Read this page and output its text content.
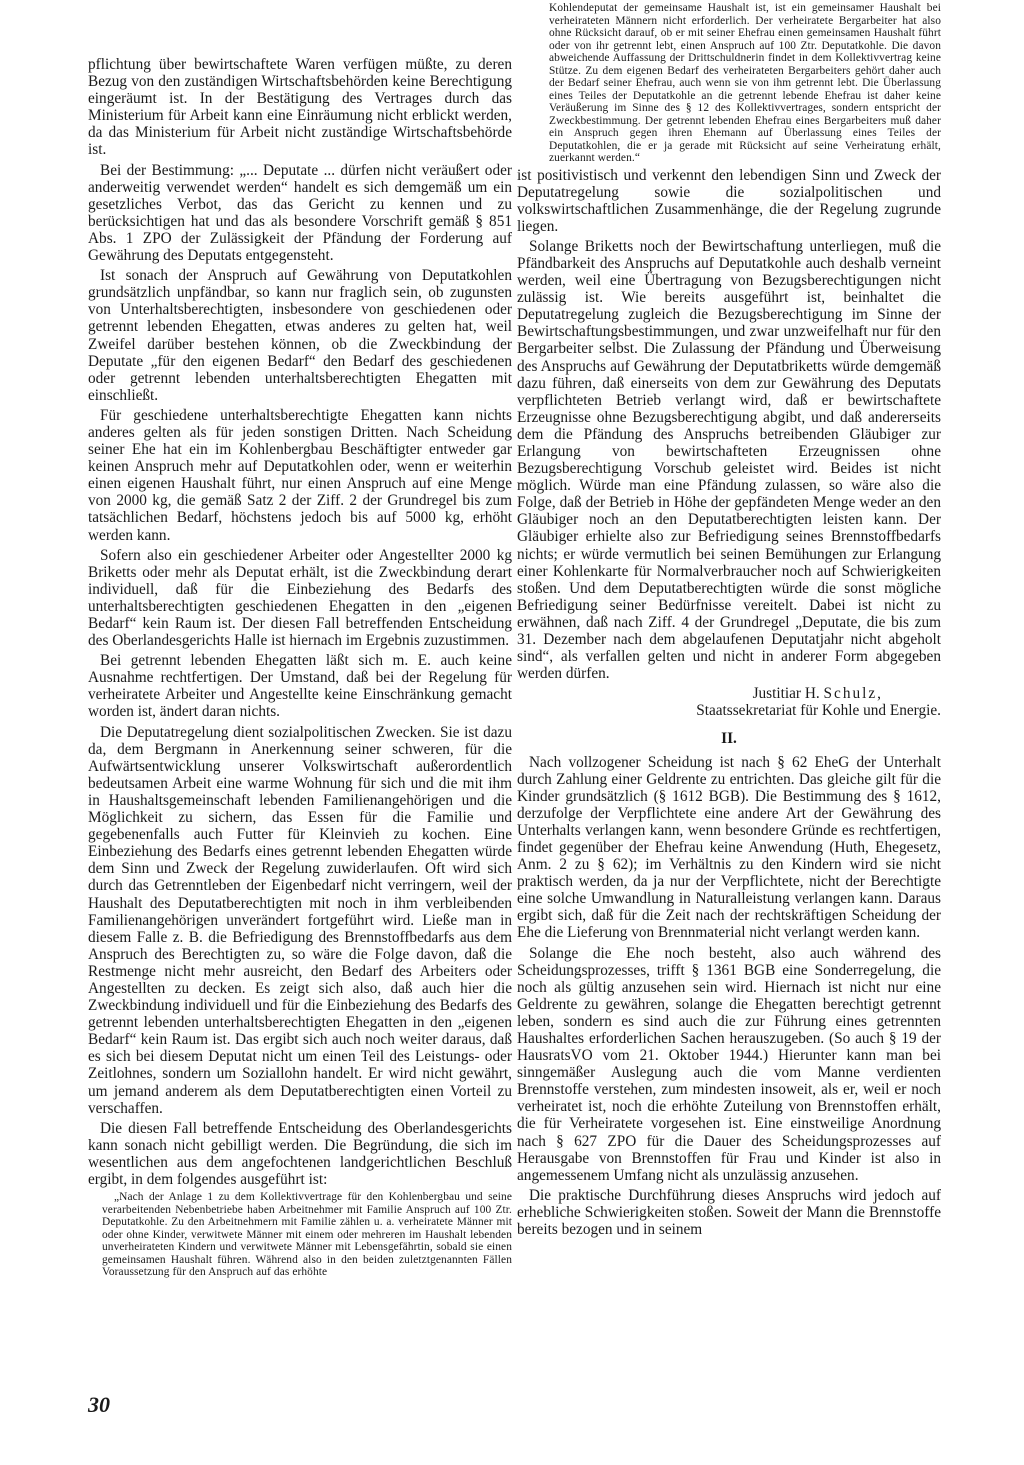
pflichtung über bewirtschaftete Waren verfügen müßte, zu deren Bezug von den zuständigen Wirtschaftsbehörden keine Berechtigung eingeräumt ist. In der Bestätigung des Vertrages durch das Ministerium für Arbeit kann eine Einräumung nicht erblickt werden, da das Ministerium für Arbeit nicht zuständige Wirtschaftsbehörde ist.

Bei der Bestimmung: „... Deputate ... dürfen nicht veräußert oder anderweitig verwendet werden“ handelt es sich demgemäß um ein gesetzliches Verbot, das das Gericht zu kennen und zu berücksichtigen hat und das als besondere Vorschrift gemäß § 851 Abs. 1 ZPO der Zulässigkeit der Pfändung der Forderung auf Gewährung des Deputats entgegensteht.

Ist sonach der Anspruch auf Gewährung von Deputatkohlen grundsätzlich unpfändbar, so kann nur fraglich sein, ob zugunsten von Unterhaltsberechtigten, insbesondere von geschiedenen oder getrennt lebenden Ehegatten, etwas anderes zu gelten hat, weil Zweifel darüber bestehen können, ob die Zweckbindung der Deputate „für den eigenen Bedarf“ den Bedarf des geschiedenen oder getrennt lebenden unterhaltsberechtigten Ehegatten mit einschließt.

Für geschiedene unterhaltsberechtigte Ehegatten kann nichts anderes gelten als für jeden sonstigen Dritten. Nach Scheidung seiner Ehe hat ein im Kohlenbergbau Beschäftigter entweder gar keinen Anspruch mehr auf Deputatkohlen oder, wenn er weiterhin einen eigenen Haushalt führt, nur einen Anspruch auf eine Menge von 2000 kg, die gemäß Satz 2 der Ziff. 2 der Grundregel bis zum tatsächlichen Bedarf, höchstens jedoch bis auf 5000 kg, erhöht werden kann.

Sofern also ein geschiedener Arbeiter oder Angestellter 2000 kg Briketts oder mehr als Deputat erhält, ist die Zweckbindung derart individuell, daß für die Einbeziehung des Bedarfs des unterhaltsberechtigten geschiedenen Ehegatten in den „eigenen Bedarf“ kein Raum ist. Der diesen Fall betreffenden Entscheidung des Oberlandesgerichts Halle ist hiernach im Ergebnis zuzustimmen.

Bei getrennt lebenden Ehegatten läßt sich m. E. auch keine Ausnahme rechtfertigen. Der Umstand, daß bei der Regelung für verheiratete Arbeiter und Angestellte keine Einschränkung gemacht worden ist, ändert daran nichts.

Die Deputatregelung dient sozialpolitischen Zwecken. Sie ist dazu da, dem Bergmann in Anerkennung seiner schweren, für die Aufwärtsentwicklung unserer Volkswirtschaft außerordentlich bedeutsamen Arbeit eine warme Wohnung für sich und die mit ihm in Haushaltsgemeinschaft lebenden Familienangehörigen und die Möglichkeit zu sichern, das Essen für die Familie und gegebenenfalls auch Futter für Kleinvieh zu kochen. Eine Einbeziehung des Bedarfs eines getrennt lebenden Ehegatten würde dem Sinn und Zweck der Regelung zuwiderlaufen. Oft wird sich durch das Getrenntleben der Eigenbedarf nicht verringern, weil der Haushalt des Deputatberechtigten mit noch in ihm verbleibenden Familienangehörigen unverändert fortgeführt wird. Ließe man in diesem Falle z. B. die Befriedigung des Brennstoffbedarfs aus dem Anspruch des Berechtigten zu, so wäre die Folge davon, daß die Restmenge nicht mehr ausreicht, den Bedarf des Arbeiters oder Angestellten zu decken. Es zeigt sich also, daß auch hier die Zweckbindung individuell und für die Einbeziehung des Bedarfs des getrennt lebenden unterhaltsberechtigten Ehegatten in den „eigenen Bedarf“ kein Raum ist. Das ergibt sich auch noch weiter daraus, daß es sich bei diesem Deputat nicht um einen Teil des Leistungs- oder Zeitlohnes, sondern um Soziallohn handelt. Er wird nicht gewährt, um jemand anderem als dem Deputatberechtigten einen Vorteil zu verschaffen.

Die diesen Fall betreffende Entscheidung des Oberlandesgerichts kann sonach nicht gebilligt werden. Die Begründung, die sich im wesentlichen aus dem angefochtenen landgerichtlichen Beschluß ergibt, in dem folgendes ausgeführt ist:

„Nach der Anlage 1 zu dem Kollektivvertrage für den Kohlenbergbau und seine verarbeitenden Nebenbetriebe haben Arbeitnehmer mit Familie Anspruch auf 100 Ztr. Deputatkohle. Zu den Arbeitnehmern mit Familie zählen u. a. verheiratete Männer mit oder ohne Kinder, verwitwete Männer mit einem oder mehreren im Haushalt lebenden unverheirateten Kindern und verwitwete Männer mit Lebensgefährtin, sobald sie einen gemeinsamen Haushalt führen. Während also in den beiden zuletztgenannten Fällen Voraussetzung für den Anspruch auf das erhöhte

Kohlendeputat der gemeinsame Haushalt ist, ist ein gemeinsamer Haushalt bei verheirateten Männern nicht erforderlich. Der verheiratete Bergarbeiter hat also ohne Rücksicht darauf, ob er mit seiner Ehefrau einen gemeinsamen Haushalt führt oder von ihr getrennt lebt, einen Anspruch auf 100 Ztr. Deputatkohle. Die davon abweichende Auffassung der Drittschuldnerin findet in dem Kollektivvertrag keine Stütze. Zu dem eigenen Bedarf des verheirateten Bergarbeiters gehört daher auch der Bedarf seiner Ehefrau, auch wenn sie von ihm getrennt lebt. Die Überlassung eines Teiles der Deputatkohle an die getrennt lebende Ehefrau ist daher keine Veräußerung im Sinne des § 12 des Kollektivvertrages, sondern entspricht der Zweckbestimmung. Der getrennt lebenden Ehefrau eines Bergarbeiters muß daher ein Anspruch gegen ihren Ehemann auf Überlassung eines Teiles der Deputatkohlen, die er ja gerade mit Rücksicht auf seine Verheiratung erhält, zuerkannt werden.“

ist positivistisch und verkennt den lebendigen Sinn und Zweck der Deputatregelung sowie die sozialpolitischen und volkswirtschaftlichen Zusammenhänge, die der Regelung zugrunde liegen.

Solange Briketts noch der Bewirtschaftung unterliegen, muß die Pfändbarkeit des Anspruchs auf Deputatkohle auch deshalb verneint werden, weil eine Übertragung von Bezugsberechtigungen nicht zulässig ist. Wie bereits ausgeführt ist, beinhaltet die Deputatregelung zugleich die Bezugsberechtigung im Sinne der Bewirtschaftungsbestimmungen, und zwar unzweifelhaft nur für den Bergarbeiter selbst. Die Zulassung der Pfändung und Überweisung des Anspruchs auf Gewährung der Deputatbriketts würde demgemäß dazu führen, daß einerseits von dem zur Gewährung des Deputats verpflichteten Betrieb verlangt wird, daß er bewirtschaftete Erzeugnisse ohne Bezugsberechtigung abgibt, und daß andererseits dem die Pfändung des Anspruchs betreibenden Gläubiger zur Erlangung von bewirtschafteten Erzeugnissen ohne Bezugsberechtigung Vorschub geleistet wird. Beides ist nicht möglich. Würde man eine Pfändung zulassen, so wäre also die Folge, daß der Betrieb in Höhe der gepfändeten Menge weder an den Gläubiger noch an den Deputatberechtigten leisten kann. Der Gläubiger erhielte also zur Befriedigung seines Brennstoffbedarfs nichts; er würde vermutlich bei seinen Bemühungen zur Erlangung einer Kohlenkarte für Normalverbraucher noch auf Schwierigkeiten stoßen. Und dem Deputatberechtigten würde die sonst mögliche Befriedigung seiner Bedürfnisse vereitelt. Dabei ist nicht zu erwähnen, daß nach Ziff. 4 der Grundregel „Deputate, die bis zum 31. Dezember nach dem abgelaufenen Deputatjahr nicht abgeholt sind“, als verfallen gelten und nicht in anderer Form abgegeben werden dürfen.

Justitiar H. Schulz,
Staatssekretariat für Kohle und Energie.
II.

Nach vollzogener Scheidung ist nach § 62 EheG der Unterhalt durch Zahlung einer Geldrente zu entrichten. Das gleiche gilt für die Kinder grundsätzlich (§ 1612 BGB). Die Bestimmung des § 1612, derzufolge der Verpflichtete eine andere Art der Gewährung des Unterhalts verlangen kann, wenn besondere Gründe es rechtfertigen, findet gegenüber der Ehefrau keine Anwendung (Huth, Ehegesetz, Anm. 2 zu § 62); im Verhältnis zu den Kindern wird sie nicht praktisch werden, da ja nur der Verpflichtete, nicht der Berechtigte eine solche Umwandlung in Naturalleistung verlangen kann. Daraus ergibt sich, daß für die Zeit nach der rechtskräftigen Scheidung der Ehe die Lieferung von Brennmaterial nicht verlangt werden kann.

Solange die Ehe noch besteht, also auch während des Scheidungsprozesses, trifft § 1361 BGB eine Sonderregelung, die noch als gültig anzusehen sein wird. Hiernach ist nicht nur eine Geldrente zu gewähren, solange die Ehegatten berechtigt getrennt leben, sondern es sind auch die zur Führung eines getrennten Haushaltes erforderlichen Sachen herauszugeben. (So auch § 19 der HausratsVO vom 21. Oktober 1944.) Hierunter kann man bei sinngemäßer Auslegung auch die vom Manne verdienten Brennstoffe verstehen, zum mindesten insoweit, als er, weil er noch verheiratet ist, noch die erhöhte Zuteilung von Brennstoffen erhält, die für Verheiratete vorgesehen ist. Eine einstweilige Anordnung nach § 627 ZPO für die Dauer des Scheidungsprozesses auf Herausgabe von Brennstoffen für Frau und Kinder ist also in angemessenem Umfang nicht als unzulässig anzusehen.

Die praktische Durchführung dieses Anspruchs wird jedoch auf erhebliche Schwierigkeiten stoßen. Soweit der Mann die Brennstoffe bereits bezogen und in seinem

30
